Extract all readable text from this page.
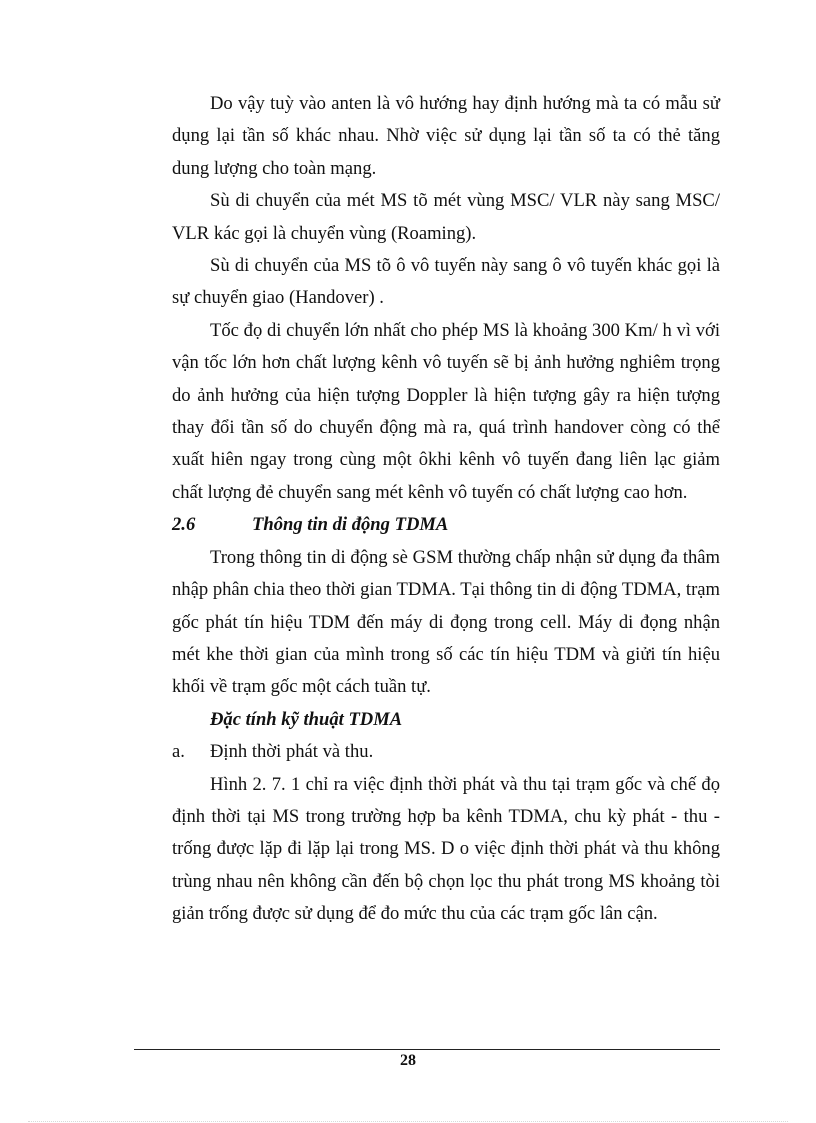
Do vậy tuỳ vào anten là vô hướng hay định hướng mà ta có mẫu sử dụng lại tần số khác nhau. Nhờ việc sử dụng lại tần số ta có thẻ tăng dung lượng cho toàn mạng.

Sù di chuyển của mét MS tõ mét vùng MSC/ VLR này sang MSC/ VLR kác gọi là chuyển vùng (Roaming).

Sù di chuyển của MS tõ ô vô tuyến này sang ô vô tuyến khác gọi là sự chuyển giao (Handover) .

Tốc đọ di chuyển lớn nhất cho phép MS là khoảng 300 Km/ h vì với vận tốc lớn hơn chất lượng kênh vô tuyến sẽ bị ảnh hưởng nghiêm trọng do ảnh hưởng của hiện tượng Doppler là hiện tượng gây ra hiện tượng thay đổi tần số do chuyển động mà ra, quá trình handover còng có thể xuất hiên ngay trong cùng một ôkhi kênh vô tuyến đang liên lạc giảm chất lượng đẻ chuyển sang mét kênh vô tuyến có chất lượng cao hơn.

2.6	Thông tin di động TDMA

Trong thông tin di động sè GSM thường chấp nhận sử dụng đa thâm nhập phân chia theo thời gian TDMA. Tại thông tin di động TDMA, trạm gốc phát tín hiệu TDM đến máy di đọng trong cell. Máy di đọng nhận mét khe thời gian của mình trong số các tín hiệu TDM và giửi tín hiệu khối về trạm gốc một cách tuần tự.

Đặc tính kỹ thuật TDMA
a.	Định thời phát và thu.

Hình 2. 7. 1 chỉ ra việc định thời phát và thu tại trạm gốc và chế đọ định thời tại MS trong trường hợp ba kênh TDMA, chu kỳ phát - thu - trống được lặp đi lặp lại trong MS. D o việc định thời phát và thu không trùng nhau nên không cần đến bộ chọn lọc thu phát trong MS khoảng tòi giản trống được sử dụng để đo mức thu của các trạm gốc lân cận.

28
